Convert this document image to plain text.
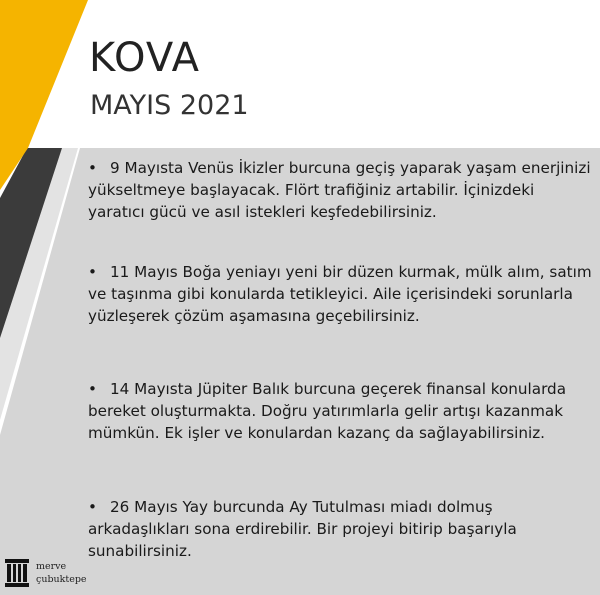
KOVA
MAYIS 2021
• 9 Mayısta Venüs İkizler burcuna geçiş yaparak yaşam enerjinizi yükseltmeye başlayacak. Flört trafiğiniz artabilir. İçinizdeki yaratıcı gücü ve asıl istekleri keşfedebilirsiniz.
• 11 Mayıs Boğa yeniayı yeni bir düzen kurmak, mülk alım, satım ve taşınma gibi konularda tetikleyici. Aile içerisindeki sorunlarla yüzleşerek çözüm aşamasına geçebilirsiniz.
• 14 Mayısta Jüpiter Balık burcuna geçerek finansal konularda bereket oluşturmakta. Doğru yatırımlarla gelir artışı kazanmak mümkün. Ek işler ve konulardan kazanç da sağlayabilirsiniz.
• 26 Mayıs Yay burcunda Ay Tutulması miadı dolmuş arkadaşlıkları sona erdirebilir. Bir projeyi bitirip başarıyla sunabilirsiniz.
merve
çubuktepe
